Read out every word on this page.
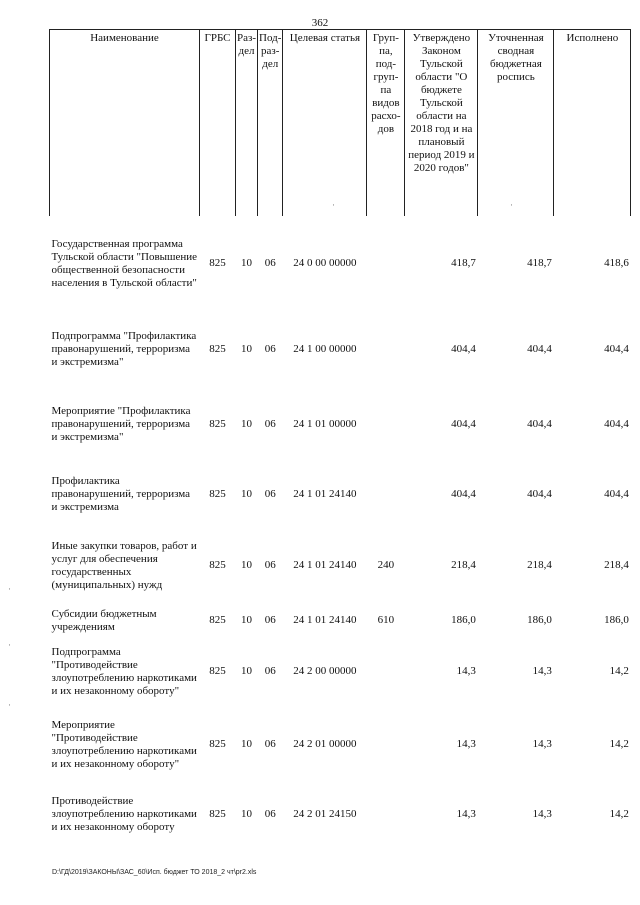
362
Наименование	ГРБС	Раз-дел	Под-раз-дел	Целевая статья	Груп-па, под-груп-па видов расхо-дов	Утверждено Законом Тульской области "О бюджете Тульской области на 2018 год и на плановый период 2019 и 2020 годов"	Уточненная сводная бюджетная роспись	Исполнено
Государственная программа Тульской области "Повышение общественной безопасности населения в Тульской области"	825	10	06	24 0 00 00000		418,7	418,7	418,6
Подпрограмма "Профилактика правонарушений, терроризма и экстремизма"	825	10	06	24 1 00 00000		404,4	404,4	404,4
Мероприятие "Профилактика правонарушений, терроризма и экстремизма"	825	10	06	24 1 01 00000		404,4	404,4	404,4
Профилактика правонарушений, терроризма и экстремизма	825	10	06	24 1 01 24140		404,4	404,4	404,4
Иные закупки товаров, работ и услуг для обеспечения государственных (муниципальных) нужд	825	10	06	24 1 01 24140	240	218,4	218,4	218,4
Субсидии бюджетным учреждениям	825	10	06	24 1 01 24140	610	186,0	186,0	186,0
Подпрограмма "Противодействие злоупотреблению наркотиками и их незаконному обороту"	825	10	06	24 2 00 00000		14,3	14,3	14,2
Мероприятие "Противодействие злоупотреблению наркотиками и их незаконному обороту"	825	10	06	24 2 01 00000		14,3	14,3	14,2
Противодействие злоупотреблению наркотиками и их незаконному обороту	825	10	06	24 2 01 24150		14,3	14,3	14,2
D:\ГД\2019\ЗАКОНЫ\ЗАС_60\Исп. бюджет ТО 2018_2 чт\pr2.xls
·	·
·
·
·
